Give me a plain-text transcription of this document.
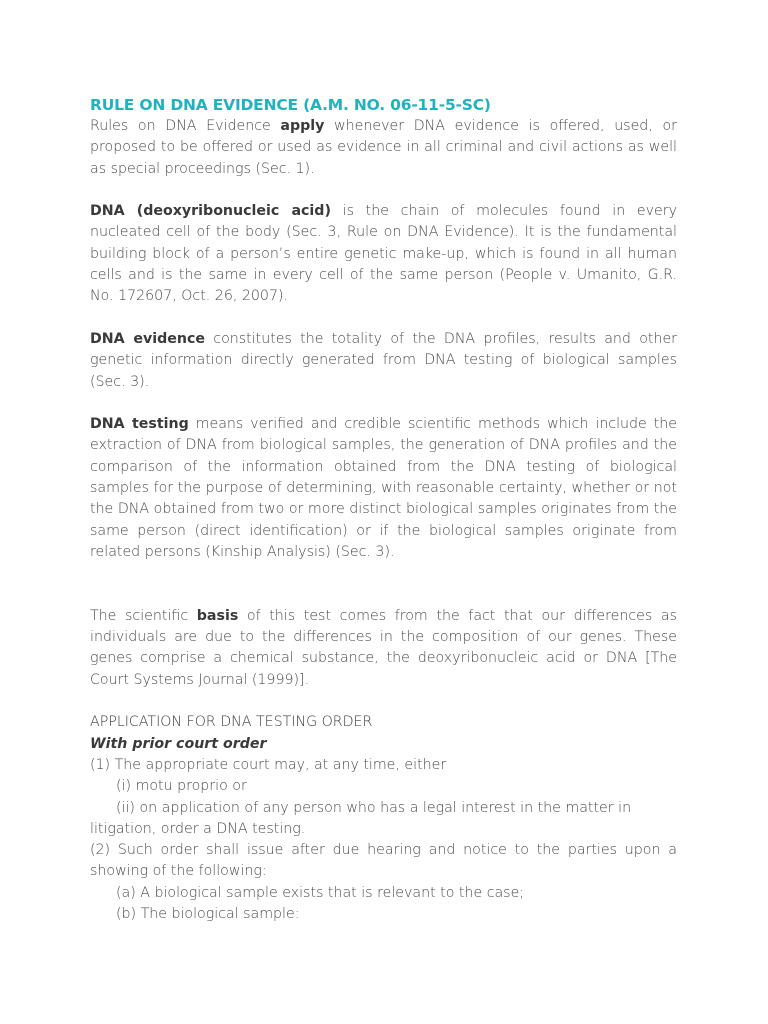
RULE ON DNA EVIDENCE (A.M. NO. 06-11-5-SC)

Rules on DNA Evidence apply whenever DNA evidence is offered, used, or proposed to be offered or used as evidence in all criminal and civil actions as well as special proceedings (Sec. 1).

DNA (deoxyribonucleic acid) is the chain of molecules found in every nucleated cell of the body (Sec. 3, Rule on DNA Evidence). It is the fundamental building block of a person’s entire genetic make-up, which is found in all human cells and is the same in every cell of the same person (People v. Umanito, G.R. No. 172607, Oct. 26, 2007).

DNA evidence constitutes the totality of the DNA profiles, results and other genetic information directly generated from DNA testing of biological samples (Sec. 3).

DNA testing means verified and credible scientific methods which include the extraction of DNA from biological samples, the generation of DNA profiles and the comparison of the information obtained from the DNA testing of biological samples for the purpose of determining, with reasonable certainty, whether or not the DNA obtained from two or more distinct biological samples originates from the same person (direct identification) or if the biological samples originate from related persons (Kinship Analysis) (Sec. 3).

The scientific basis of this test comes from the fact that our differences as individuals are due to the differences in the composition of our genes. These genes comprise a chemical substance, the deoxyribonucleic acid or DNA [The Court Systems Journal (1999)].

APPLICATION FOR DNA TESTING ORDER
With prior court order
(1) The appropriate court may, at any time, either
(i) motu proprio or
(ii) on application of any person who has a legal interest in the matter in
litigation, order a DNA testing.

(2) Such order shall issue after due hearing and notice to the parties upon a showing of the following:

(a) A biological sample exists that is relevant to the case;
(b) The biological sample:
